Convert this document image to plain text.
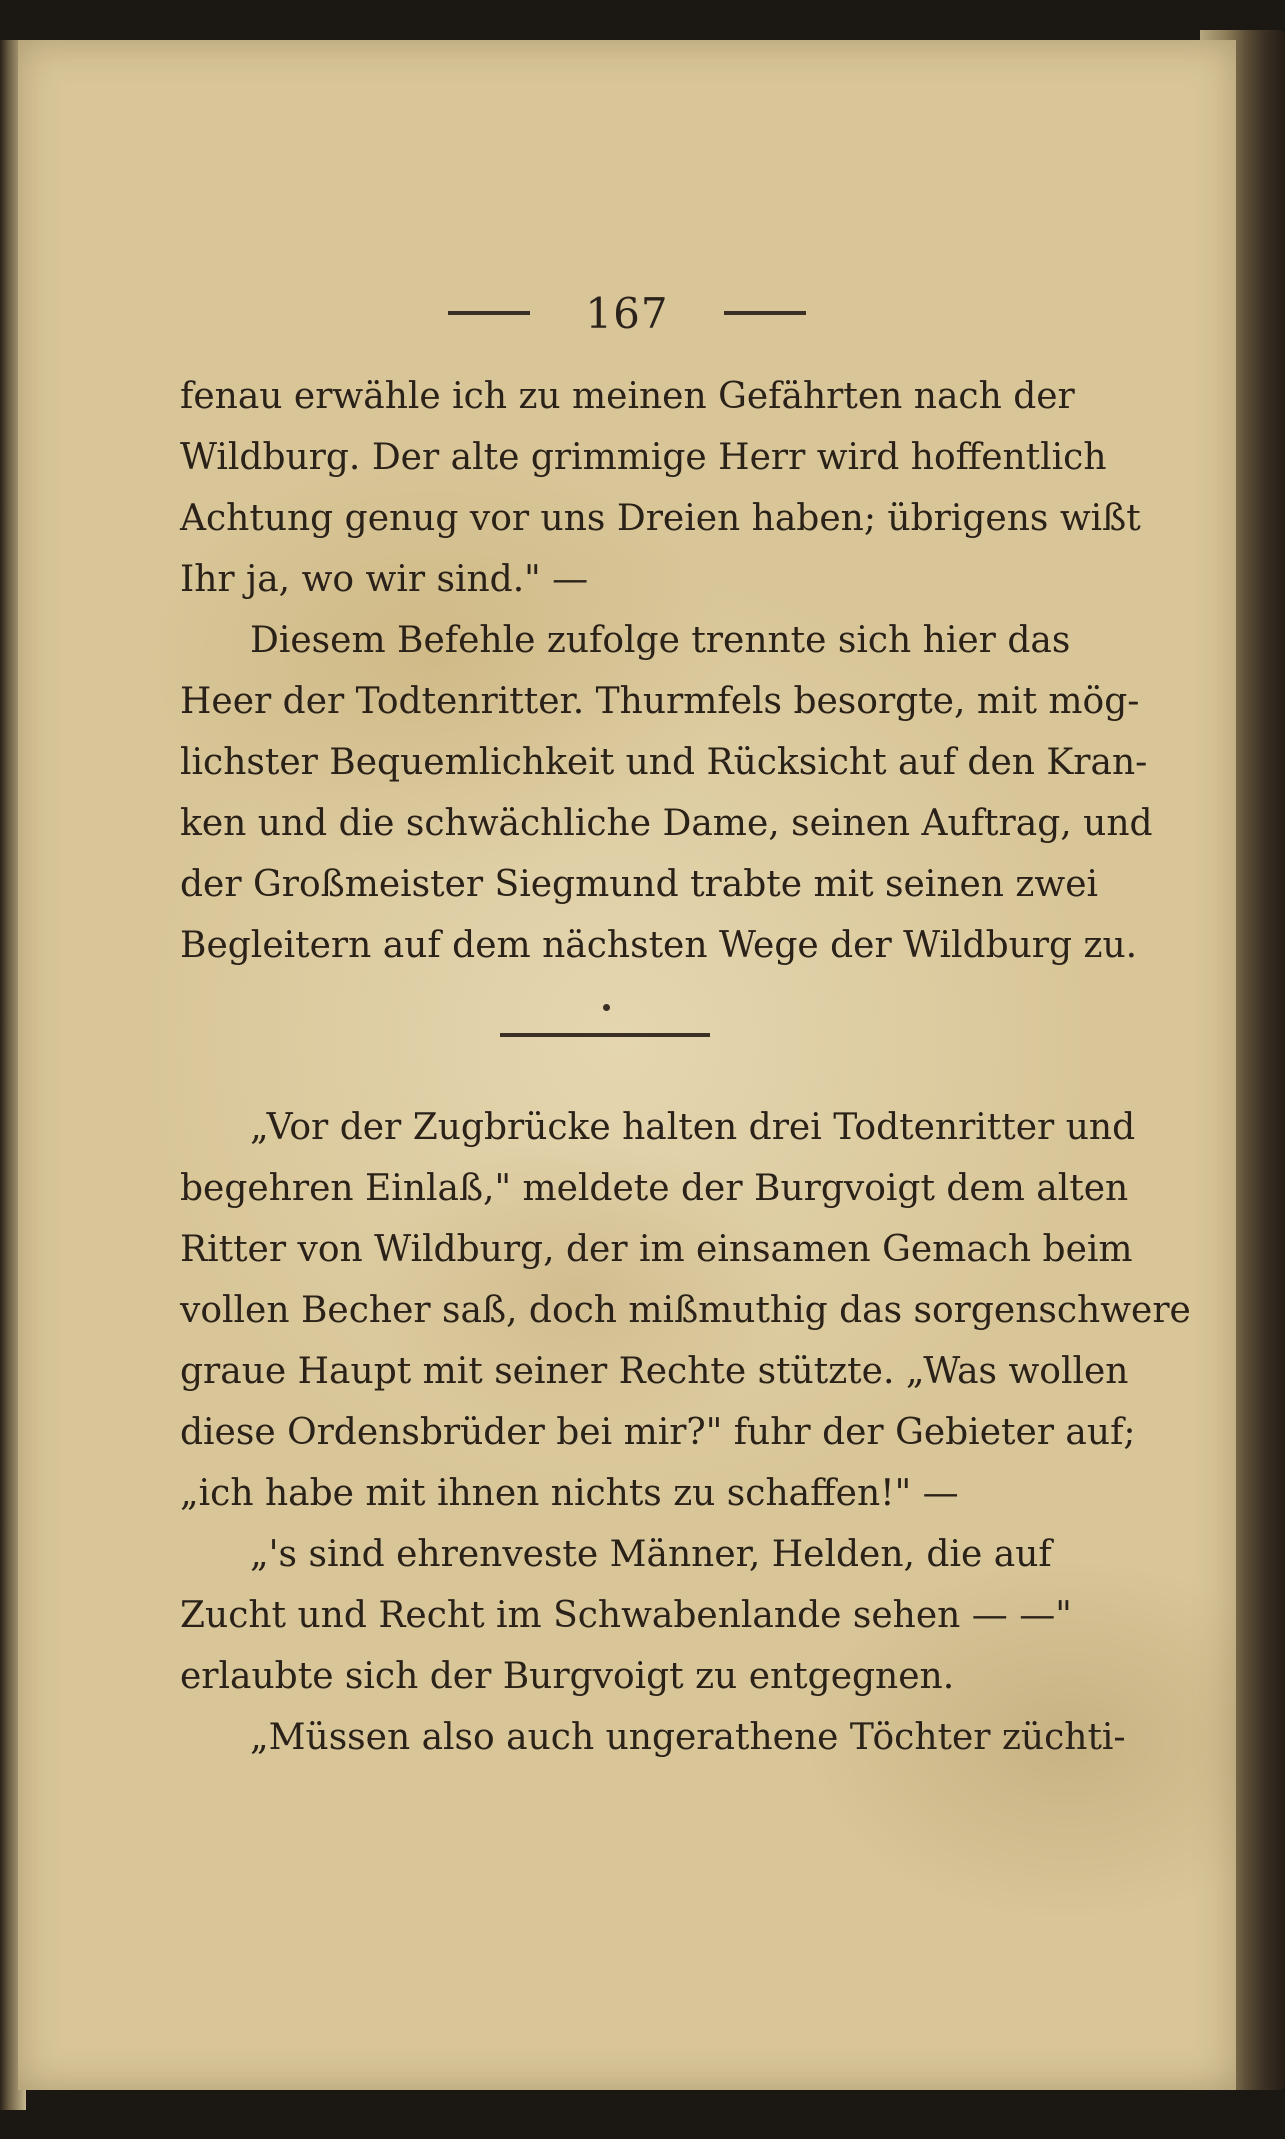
167
fenau erwähle ich zu meinen Gefährten nach der
Wildburg. Der alte grimmige Herr wird hoffentlich
Achtung genug vor uns Dreien haben; übrigens wißt
Ihr ja, wo wir sind." —
Diesem Befehle zufolge trennte sich hier das
Heer der Todtenritter. Thurmfels besorgte, mit mög-
lichster Bequemlichkeit und Rücksicht auf den Kran-
ken und die schwächliche Dame, seinen Auftrag, und
der Großmeister Siegmund trabte mit seinen zwei
Begleitern auf dem nächsten Wege der Wildburg zu.
„Vor der Zugbrücke halten drei Todtenritter und
begehren Einlaß," meldete der Burgvoigt dem alten
Ritter von Wildburg, der im einsamen Gemach beim
vollen Becher saß, doch mißmuthig das sorgenschwere
graue Haupt mit seiner Rechte stützte. „Was wollen
diese Ordensbrüder bei mir?" fuhr der Gebieter auf;
„ich habe mit ihnen nichts zu schaffen!" —
„'s sind ehrenveste Männer, Helden, die auf
Zucht und Recht im Schwabenlande sehen — —"
erlaubte sich der Burgvoigt zu entgegnen.
„Müssen also auch ungerathene Töchter züchti-
